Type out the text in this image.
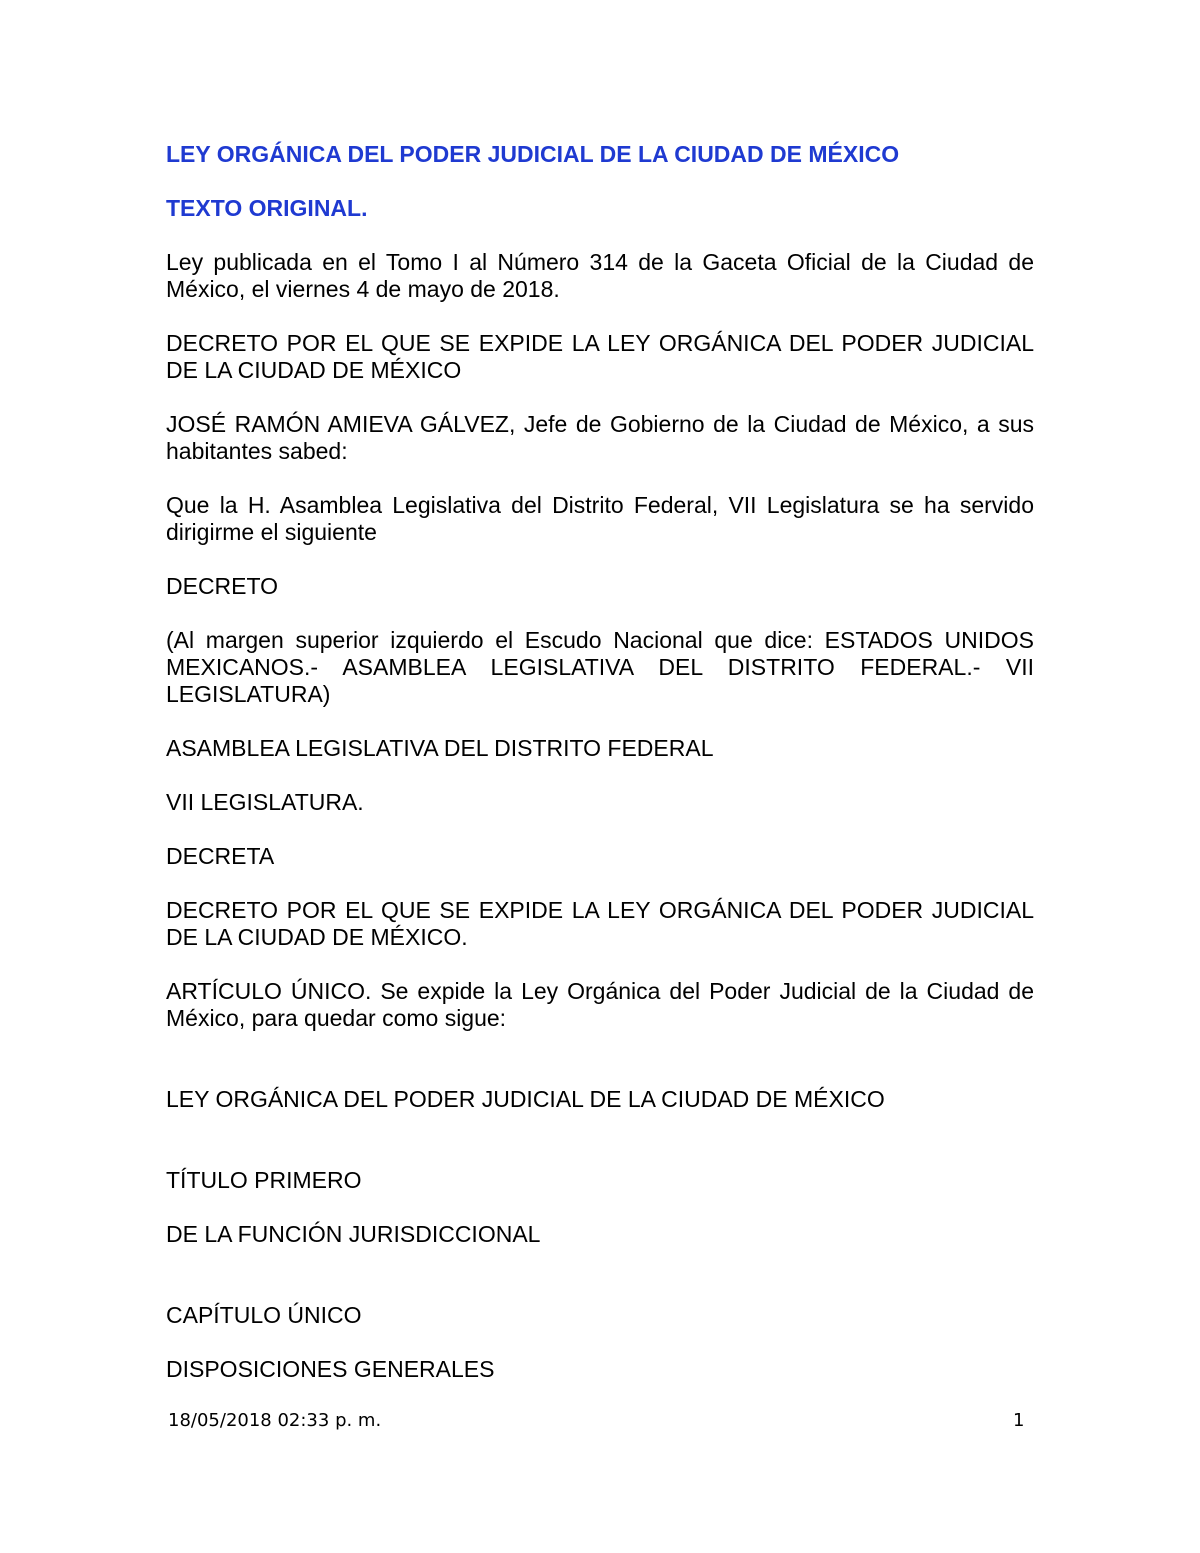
LEY ORGÁNICA DEL PODER JUDICIAL DE LA CIUDAD DE MÉXICO

TEXTO ORIGINAL.

Ley publicada en el Tomo I al Número 314 de la Gaceta Oficial de la Ciudad de

México, el viernes 4 de mayo de 2018.

DECRETO POR EL QUE SE EXPIDE LA LEY ORGÁNICA DEL PODER JUDICIAL

DE LA CIUDAD DE MÉXICO

JOSÉ RAMÓN AMIEVA GÁLVEZ, Jefe de Gobierno de la Ciudad de México, a sus

habitantes sabed:

Que la H. Asamblea Legislativa del Distrito Federal, VII Legislatura se ha servido

dirigirme el siguiente

DECRETO

(Al margen superior izquierdo el Escudo Nacional que dice: ESTADOS UNIDOS

MEXICANOS.- ASAMBLEA LEGISLATIVA DEL DISTRITO FEDERAL.- VII

LEGISLATURA)

ASAMBLEA LEGISLATIVA DEL DISTRITO FEDERAL

VII LEGISLATURA.

DECRETA

DECRETO POR EL QUE SE EXPIDE LA LEY ORGÁNICA DEL PODER JUDICIAL

DE LA CIUDAD DE MÉXICO.

ARTÍCULO ÚNICO. Se expide la Ley Orgánica del Poder Judicial de la Ciudad de

México, para quedar como sigue:

LEY ORGÁNICA DEL PODER JUDICIAL DE LA CIUDAD DE MÉXICO

TÍTULO PRIMERO

DE LA FUNCIÓN JURISDICCIONAL

CAPÍTULO ÚNICO

DISPOSICIONES GENERALES

18/05/2018 02:33 p. m.	1
